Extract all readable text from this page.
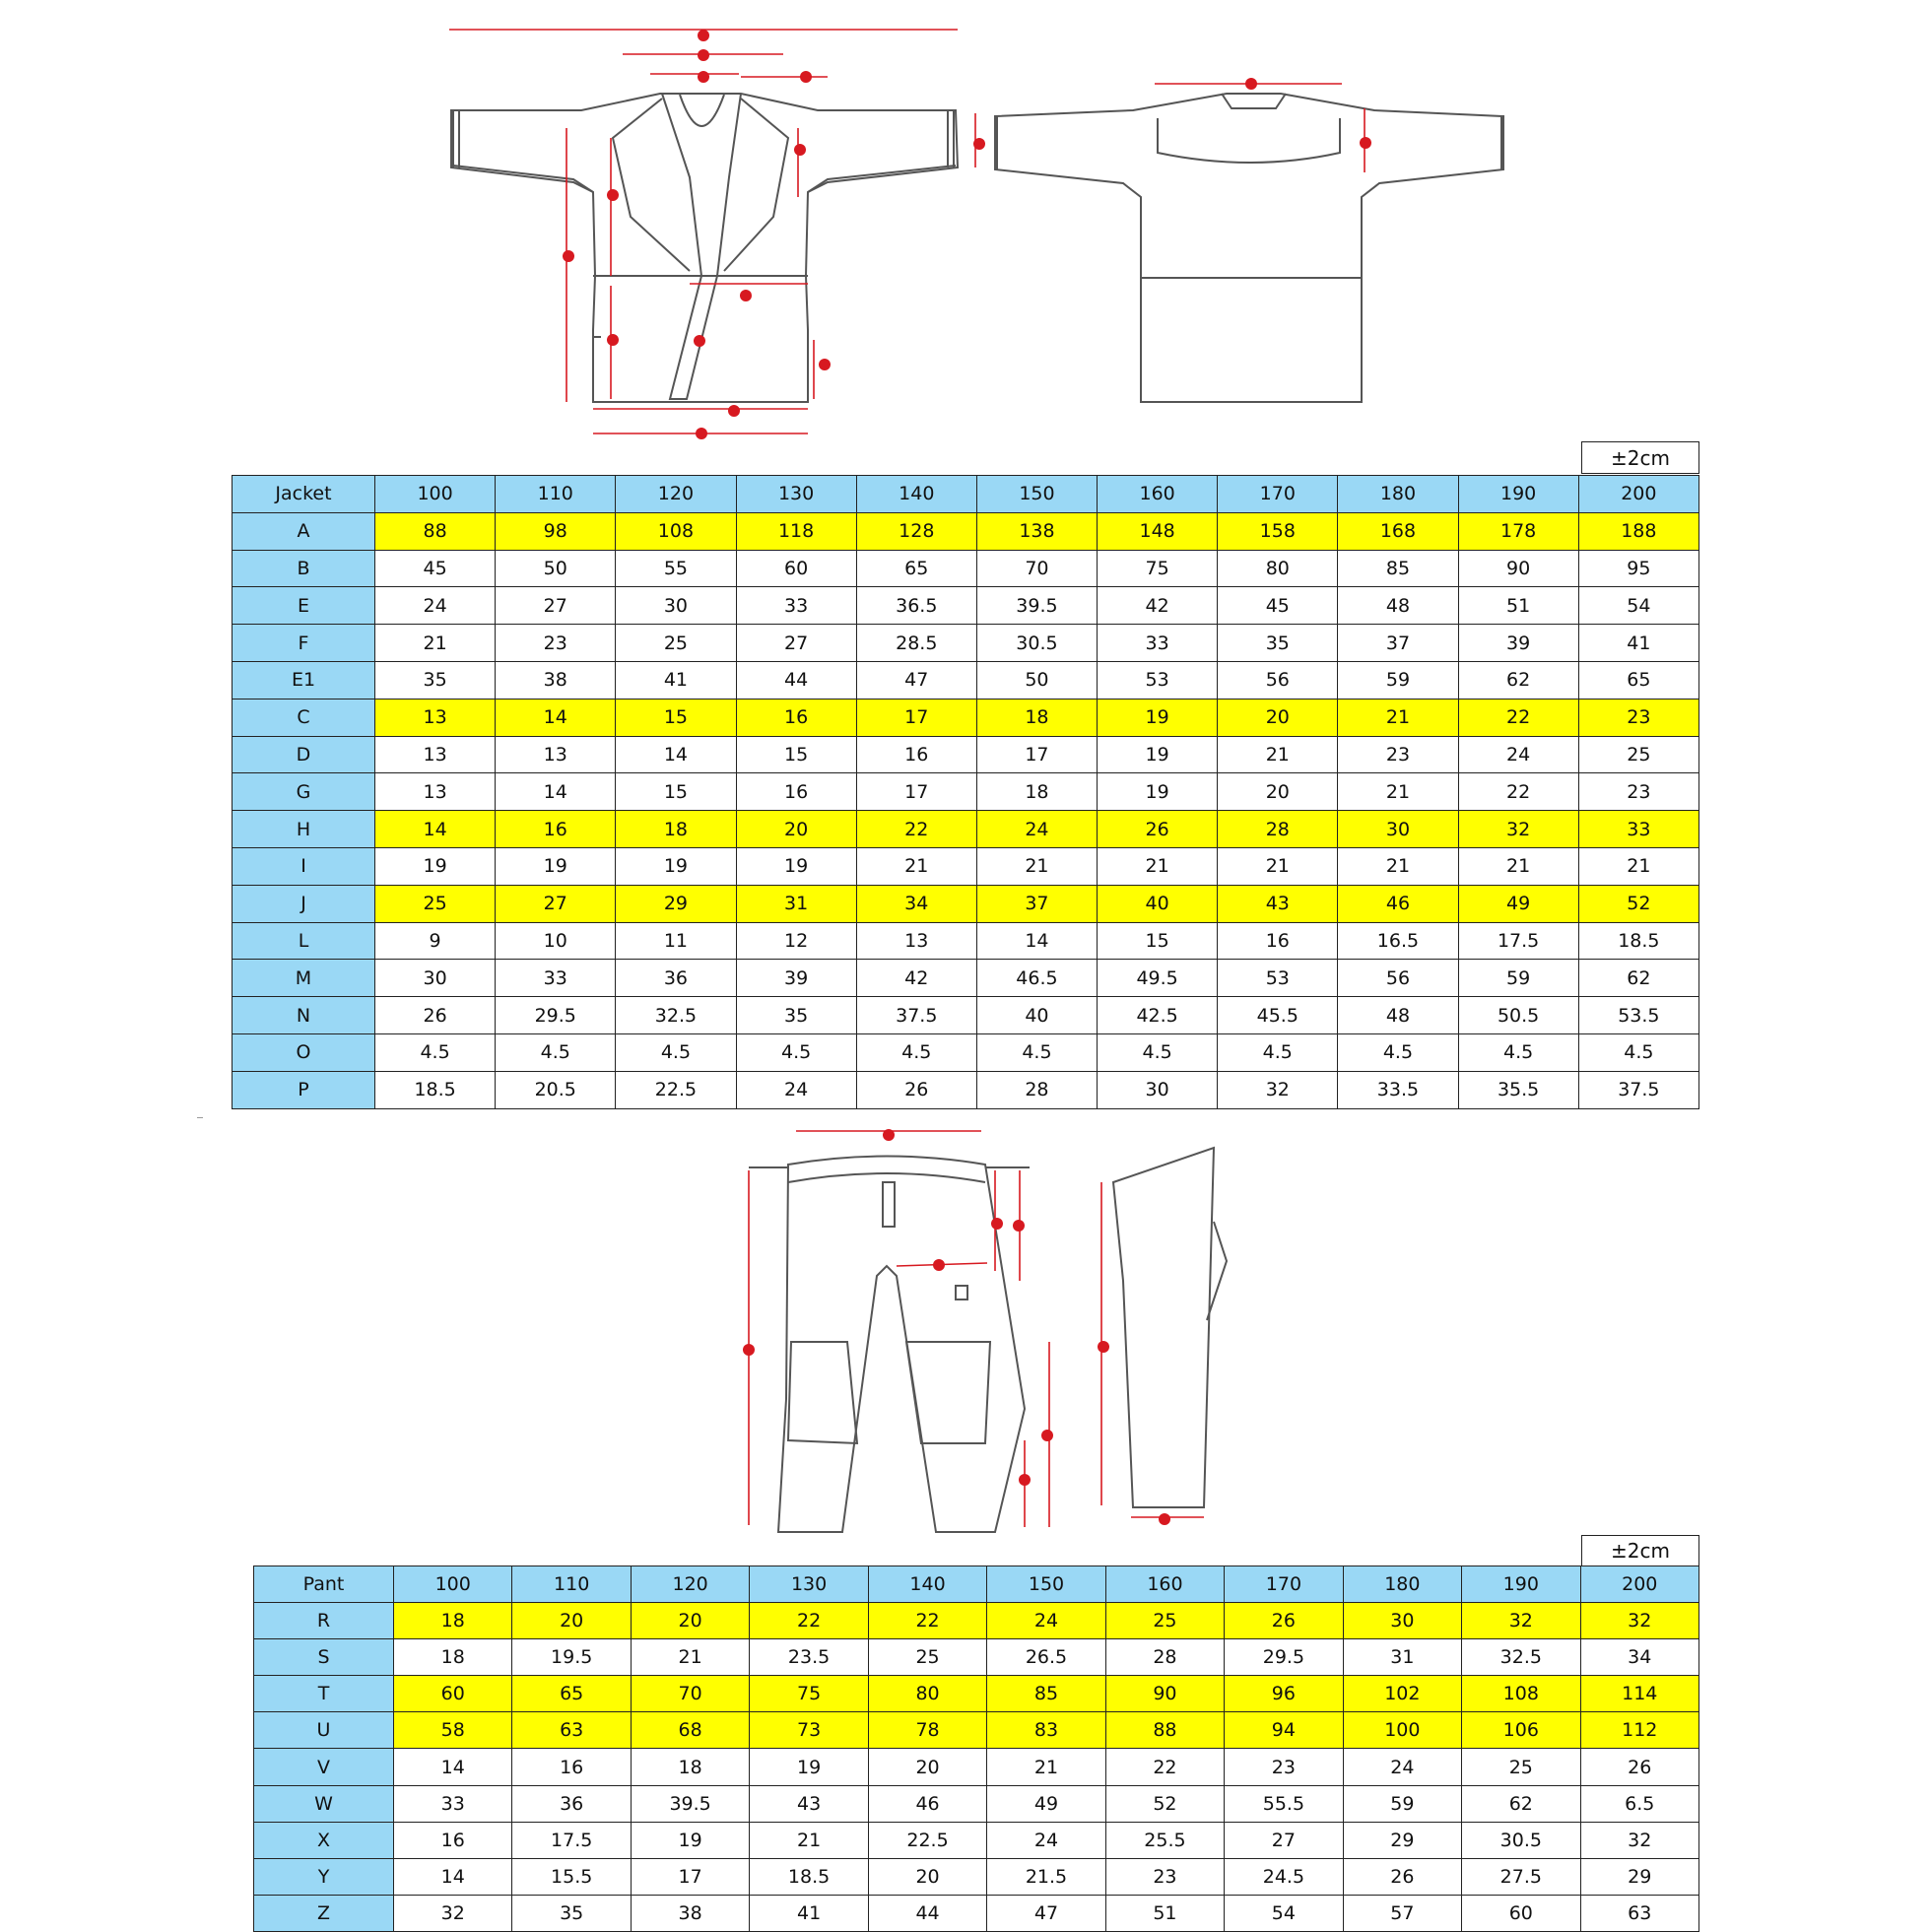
±2cm
Jacket	100	110	120	130	140	150	160	170	180	190	200
A	88	98	108	118	128	138	148	158	168	178	188
B	45	50	55	60	65	70	75	80	85	90	95
E	24	27	30	33	36.5	39.5	42	45	48	51	54
F	21	23	25	27	28.5	30.5	33	35	37	39	41
E1	35	38	41	44	47	50	53	56	59	62	65
C	13	14	15	16	17	18	19	20	21	22	23
D	13	13	14	15	16	17	19	21	23	24	25
G	13	14	15	16	17	18	19	20	21	22	23
H	14	16	18	20	22	24	26	28	30	32	33
I	19	19	19	19	21	21	21	21	21	21	21
J	25	27	29	31	34	37	40	43	46	49	52
L	9	10	11	12	13	14	15	16	16.5	17.5	18.5
M	30	33	36	39	42	46.5	49.5	53	56	59	62
N	26	29.5	32.5	35	37.5	40	42.5	45.5	48	50.5	53.5
O	4.5	4.5	4.5	4.5	4.5	4.5	4.5	4.5	4.5	4.5	4.5
P	18.5	20.5	22.5	24	26	28	30	32	33.5	35.5	37.5
±2cm
Pant	100	110	120	130	140	150	160	170	180	190	200
R	18	20	20	22	22	24	25	26	30	32	32
S	18	19.5	21	23.5	25	26.5	28	29.5	31	32.5	34
T	60	65	70	75	80	85	90	96	102	108	114
U	58	63	68	73	78	83	88	94	100	106	112
V	14	16	18	19	20	21	22	23	24	25	26
W	33	36	39.5	43	46	49	52	55.5	59	62	6.5
X	16	17.5	19	21	22.5	24	25.5	27	29	30.5	32
Y	14	15.5	17	18.5	20	21.5	23	24.5	26	27.5	29
Z	32	35	38	41	44	47	51	54	57	60	63
